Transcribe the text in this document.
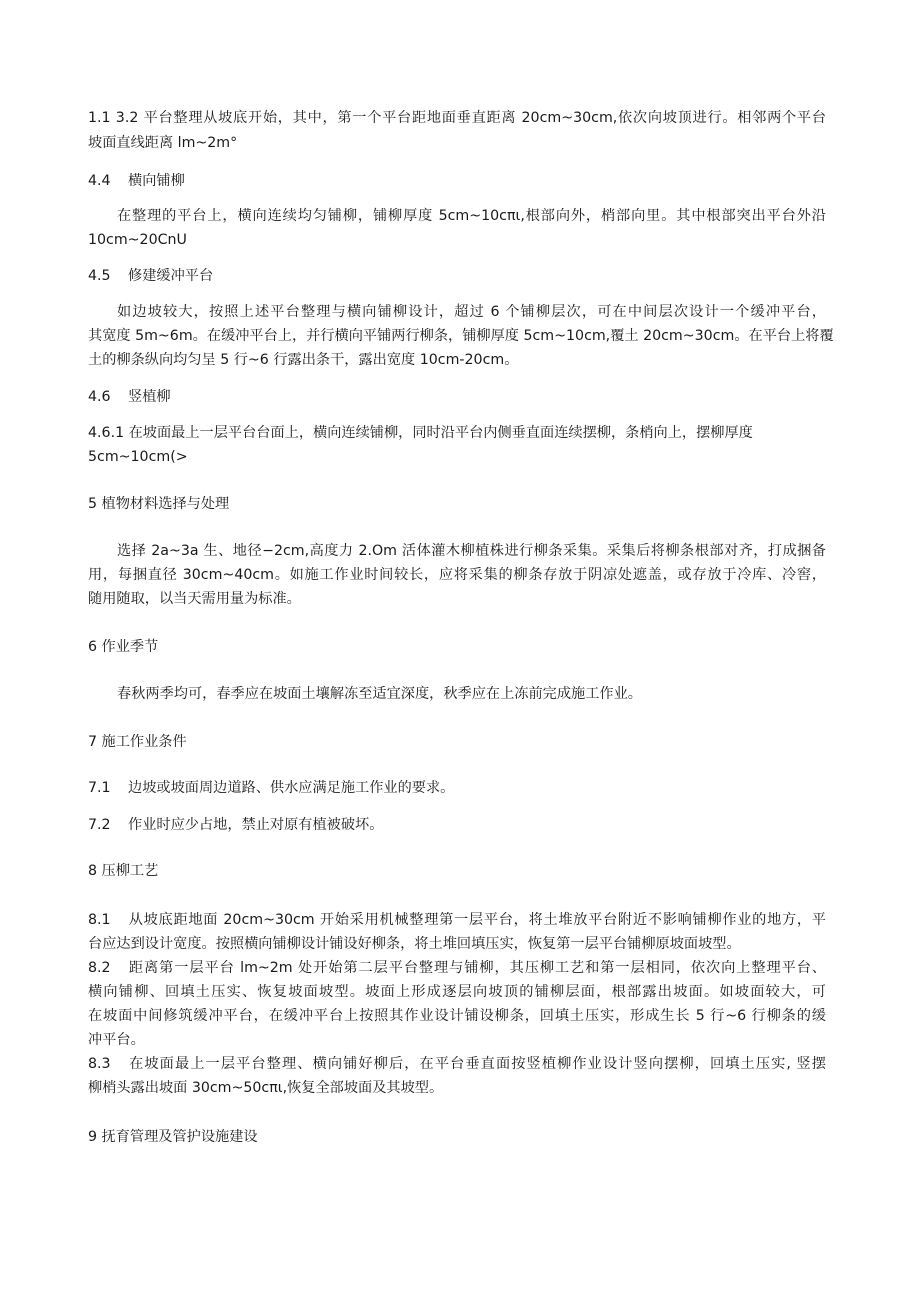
1.1 3.2 平台整理从坡底开始，其中，第一个平台距地面垂直距离 20cm~30cm,依次向坡顶进行。相邻两个平台

坡面直线距离 lm~2m°

4.4 横向铺柳

在整理的平台上，横向连续均匀铺柳，铺柳厚度 5cm~10cπι,根部向外，梢部向里。其中根部突出平台外沿

10cm~20CnU

4.5 修建缓冲平台

如边坡较大，按照上述平台整理与横向铺柳设计，超过 6 个铺柳层次，可在中间层次设计一个缓冲平台，

其宽度 5m~6m。在缓冲平台上，并行横向平铺两行柳条，铺柳厚度 5cm~10cm,覆土 20cm~30cm。在平台上将覆

土的柳条纵向均匀呈 5 行~6 行露出条干，露出宽度 10cm-20cm。

4.6 竖植柳

4.6.1 在坡面最上一层平台台面上，横向连续铺柳，同时沿平台内侧垂直面连续摆柳，条梢向上，摆柳厚度

5cm~10cm(>

5 植物材料选择与处理

选择 2a~3a 生、地径−2cm,高度力 2.Om 活体灌木柳植株进行柳条采集。采集后将柳条根部对齐，打成捆备

用，每捆直径 30cm~40cm。如施工作业时间较长，应将采集的柳条存放于阴凉处遮盖，或存放于冷库、冷窖，

随用随取，以当天需用量为标准。

6 作业季节

春秋两季均可，春季应在坡面土壤解冻至适宜深度，秋季应在上冻前完成施工作业。

7 施工作业条件

7.1 边坡或坡面周边道路、供水应满足施工作业的要求。

7.2 作业时应少占地，禁止对原有植被破坏。

8 压柳工艺

8.1 从坡底距地面 20cm~30cm 开始采用机械整理第一层平台，将土堆放平台附近不影响铺柳作业的地方，平

台应达到设计宽度。按照横向铺柳设计铺设好柳条，将土堆回填压实，恢复第一层平台铺柳原坡面坡型。

8.2 距离第一层平台 lm~2m 处开始第二层平台整理与铺柳，其压柳工艺和第一层相同，依次向上整理平台、

横向铺柳、回填土压实、恢复坡面坡型。坡面上形成逐层向坡顶的铺柳层面，根部露出坡面。如坡面较大，可

在坡面中间修筑缓冲平台，在缓冲平台上按照其作业设计铺设柳条，回填土压实，形成生长 5 行~6 行柳条的缓

冲平台。

8.3 在坡面最上一层平台整理、横向铺好柳后，在平台垂直面按竖植柳作业设计竖向摆柳，回填土压实, 竖摆

柳梢头露出坡面 30cm~50cπι,恢复全部坡面及其坡型。

9 抚育管理及管护设施建设
